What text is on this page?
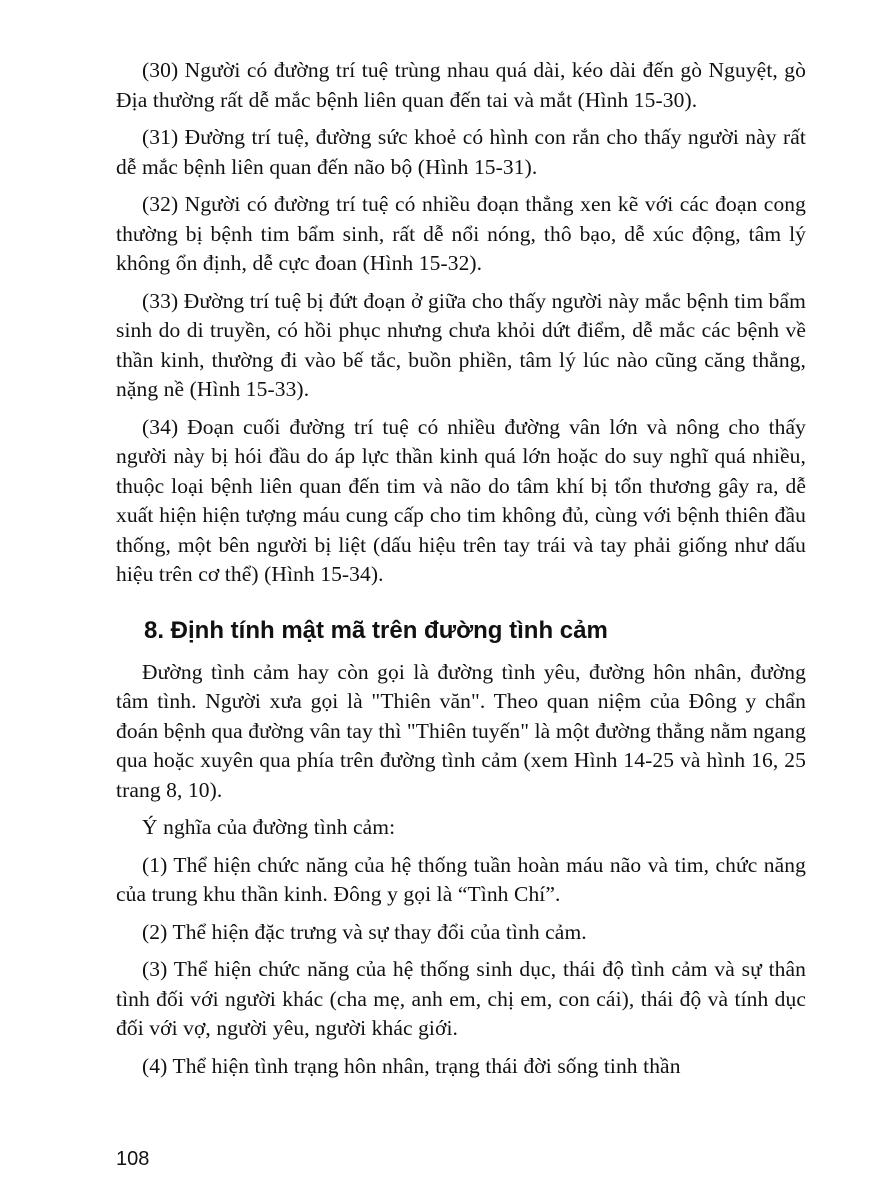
(30) Người có đường trí tuệ trùng nhau quá dài, kéo dài đến gò Nguyệt, gò Địa thường rất dễ mắc bệnh liên quan đến tai và mắt (Hình 15-30).

(31) Đường trí tuệ, đường sức khoẻ có hình con rắn cho thấy người này rất dễ mắc bệnh liên quan đến não bộ (Hình 15-31).

(32) Người có đường trí tuệ có nhiều đoạn thẳng xen kẽ với các đoạn cong thường bị bệnh tim bẩm sinh, rất dễ nổi nóng, thô bạo, dễ xúc động, tâm lý không ổn định, dễ cực đoan (Hình 15-32).

(33) Đường trí tuệ bị đứt đoạn ở giữa cho thấy người này mắc bệnh tim bẩm sinh do di truyền, có hồi phục nhưng chưa khỏi dứt điểm, dễ mắc các bệnh về thần kinh, thường đi vào bế tắc, buồn phiền, tâm lý lúc nào cũng căng thẳng, nặng nề (Hình 15-33).

(34) Đoạn cuối đường trí tuệ có nhiều đường vân lớn và nông cho thấy người này bị hói đầu do áp lực thần kinh quá lớn hoặc do suy nghĩ quá nhiều, thuộc loại bệnh liên quan đến tim và não do tâm khí bị tổn thương gây ra, dễ xuất hiện hiện tượng máu cung cấp cho tim không đủ, cùng với bệnh thiên đầu thống, một bên người bị liệt (dấu hiệu trên tay trái và tay phải giống như dấu hiệu trên cơ thể) (Hình 15-34).

8. Định tính mật mã trên đường tình cảm

Đường tình cảm hay còn gọi là đường tình yêu, đường hôn nhân, đường tâm tình. Người xưa gọi là "Thiên văn". Theo quan niệm của Đông y chẩn đoán bệnh qua đường vân tay thì "Thiên tuyến" là một đường thẳng nằm ngang qua hoặc xuyên qua phía trên đường tình cảm (xem Hình 14-25 và hình 16, 25 trang 8, 10).

Ý nghĩa của đường tình cảm:

(1) Thể hiện chức năng của hệ thống tuần hoàn máu não và tim, chức năng của trung khu thần kinh. Đông y gọi là “Tình Chí”.

(2) Thể hiện đặc trưng và sự thay đổi của tình cảm.

(3) Thể hiện chức năng của hệ thống sinh dục, thái độ tình cảm và sự thân tình đối với người khác (cha mẹ, anh em, chị em, con cái), thái độ và tính dục đối với vợ, người yêu, người khác giới.

(4) Thể hiện tình trạng hôn nhân, trạng thái đời sống tinh thần

108
